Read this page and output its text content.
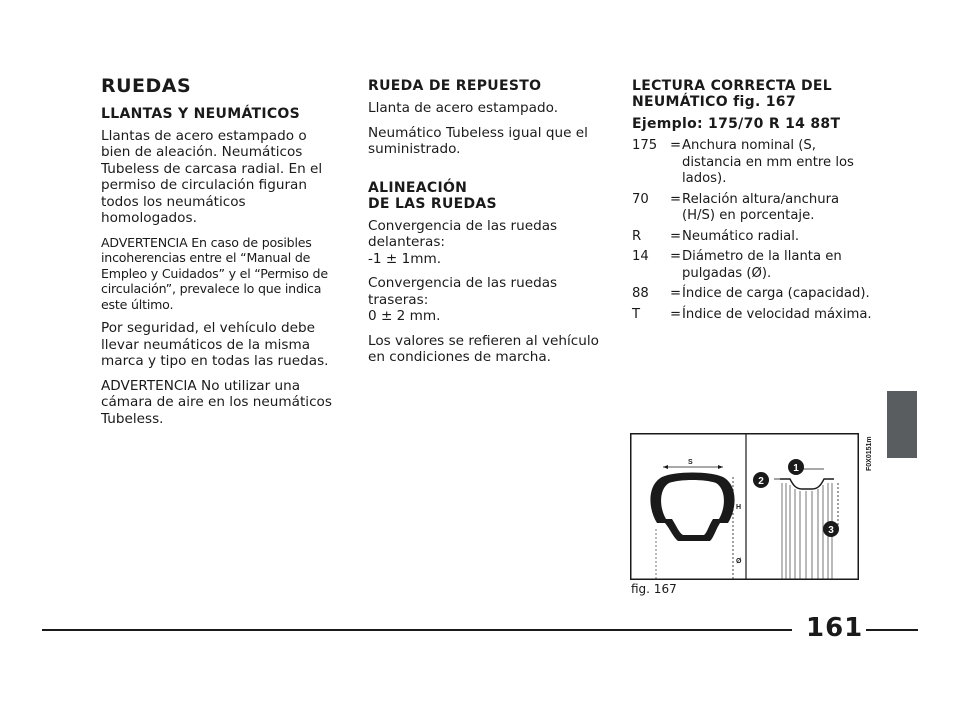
RUEDAS
LLANTAS Y NEUMÁTICOS

Llantas de acero estampado o bien de aleación. Neumáticos Tubeless de carcasa radial. En el permiso de circulación figuran todos los neumáticos homologados.

ADVERTENCIA En caso de posibles incoherencias entre el “Manual de Empleo y Cuidados” y el “Permiso de circulación”, prevalece lo que indica este último.

Por seguridad, el vehículo debe llevar neumáticos de la misma marca y tipo en todas las ruedas.

ADVERTENCIA No utilizar una cámara de aire en los neumáticos Tubeless.

RUEDA DE REPUESTO

Llanta de acero estampado.

Neumático Tubeless igual que el suministrado.

ALINEACIÓN
DE LAS RUEDAS

Convergencia de las ruedas delanteras:
-1 ± 1mm.

Convergencia de las ruedas traseras:
0 ± 2 mm.

Los valores se refieren al vehículo en condiciones de marcha.

LECTURA CORRECTA DEL
NEUMÁTICO fig. 167
Ejemplo: 175/70 R 14 88T
175 = Anchura nominal (S, distancia en mm entre los lados).
70	= Relación altura/anchura (H/S) en porcentaje.
R	= Neumático radial.
14	= Diámetro de la llanta en pulgadas (Ø).
88	= Índice de carga (capacidad).
T	= Índice de velocidad máxima.
S
H
Ø
1
2
3
F0X0151m
fig. 167
161
